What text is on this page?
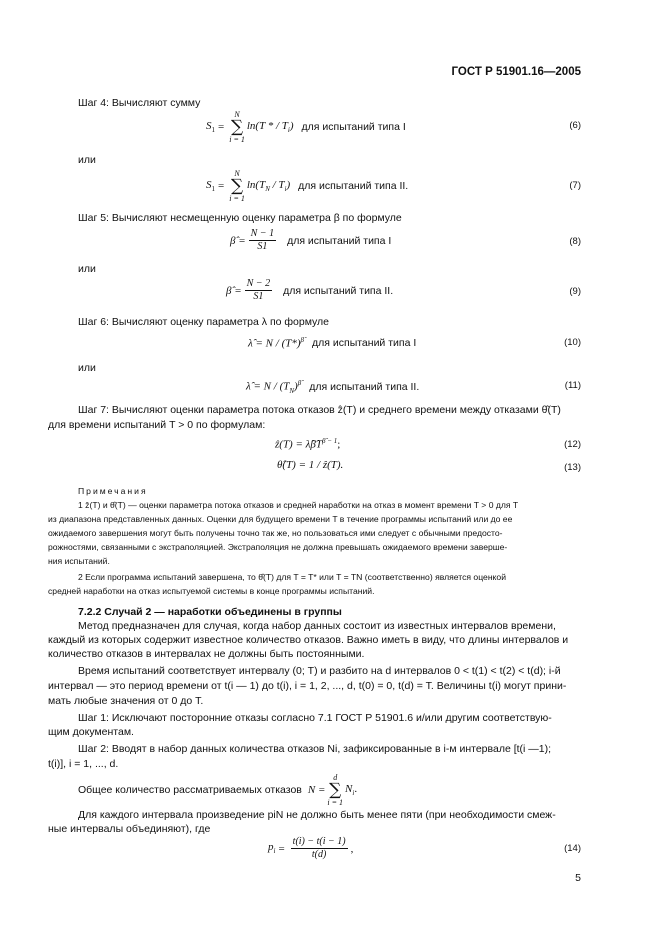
ГОСТ Р 51901.16—2005
Шаг 4: Вычисляют сумму
$S_1$ =
N
∑
i = 1
ln(T * / $T_i$) для испытаний типа I	(6)
или
$S_1$ =
N
∑
i = 1
$\ln(T_N / T_i)$ для испытаний типа II.	(7)
Шаг 5: Вычисляют несмещенную оценку параметра β по формуле
β̂ = $\frac{N - 1}{S1}$ для испытаний типа I	(8)
или
β̂ = $\frac{N - 2}{S1}$ для испытаний типа II.	(9)
Шаг 6: Вычисляют оценку параметра λ по формуле
λ̂ = N / $(T*)^{\betâ}$ для испытаний типа I	(10)
или
λ̂ = N / $(T_N)^{\betâ}$ для испытаний типа II.	(11)
Шаг 7: Вычисляют оценки параметра потока отказов ẑ(T) и среднего времени между отказами θ̂(T)
для времени испытаний T > 0 по формулам:
ẑ(T) = $\lambdâ\betâT^{\betâ - 1}$;	(12)
θ̂(T) = 1 / ẑ(T).	(13)
Примечания
1 ẑ(T) и θ̂(T) — оценки параметра потока отказов и средней наработки на отказ в момент времени T > 0 для T
из диапазона представленных данных. Оценки для будущего времени T в течение программы испытаний или до ее
ожидаемого завершения могут быть получены точно так же, но пользоваться ими следует с обычными предосто-
рожностями, связанными с экстраполяцией. Экстраполяция не должна превышать ожидаемого времени заверше-
ния испытаний.
2 Если программа испытаний завершена, то θ̂(T) для T = T* или T = TN (соответственно) является оценкой
средней наработки на отказ испытуемой системы в конце программы испытаний.
7.2.2 Случай 2 — наработки объединены в группы
Метод предназначен для случая, когда набор данных состоит из известных интервалов времени,
каждый из которых содержит известное количество отказов. Важно иметь в виду, что длины интервалов и
количество отказов в интервалах не должны быть постоянными.
Время испытаний соответствует интервалу (0; T) и разбито на d интервалов 0 < t(1) < t(2) < t(d); i-й
интервал — это период времени от t(i — 1) до t(i), i = 1, 2, ..., d, t(0) = 0, t(d) = T. Величины t(i) могут прини-
мать любые значения от 0 до T.
Шаг 1: Исключают посторонние отказы согласно 7.1 ГОСТ Р 51901.6 и/или другим соответствую-
щим документам.
Шаг 2: Вводят в набор данных количества отказов Ni, зафиксированные в i-м интервале [t(i —1);
t(i)], i = 1, ..., d.
Общее количество рассматриваемых отказов N =
d
∑
i = 1
$N_i$.
Для каждого интервала произведение piN не должно быть менее пяти (при необходимости смеж-
ные интервалы объединяют), где
$p_i = \frac{t(i) - t(i - 1)}{t(d)}$ ,	(14)
5
